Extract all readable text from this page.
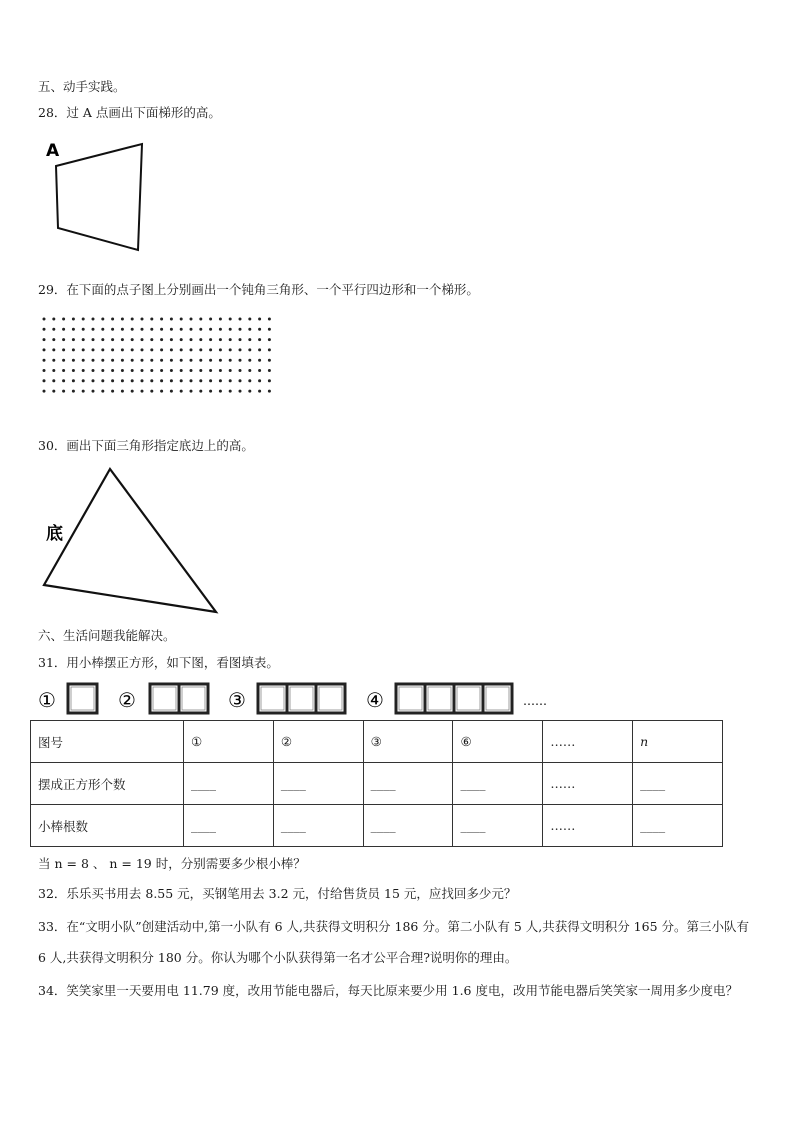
五、动手实践。
28．过 A 点画出下面梯形的高。
A
29．在下面的点子图上分别画出一个钝角三角形、一个平行四边形和一个梯形。
30．画出下面三角形指定底边上的高。
底
六、生活问题我能解决。
31．用小棒摆正方形，如下图，看图填表。
①	②	③	④	……
图号	①	②	③	⑥	……	n
摆成正方形个数	____	____	____	____	……	____
小棒根数	____	____	____	____	……	____
当 n = 8 、 n = 19 时，分别需要多少根小棒？
32．乐乐买书用去 8.55 元，买钢笔用去 3.2 元，付给售货员 15 元，应找回多少元？
33．在“文明小队”创建活动中,第一小队有 6 人,共获得文明积分 186 分。第二小队有 5 人,共获得文明积分 165 分。第三小队有 6 人,共获得文明积分 180 分。你认为哪个小队获得第一名才公平合理?说明你的理由。
34．笑笑家里一天要用电 11.79 度，改用节能电器后，每天比原来要少用 1.6 度电，改用节能电器后笑笑家一周用多少度电？
